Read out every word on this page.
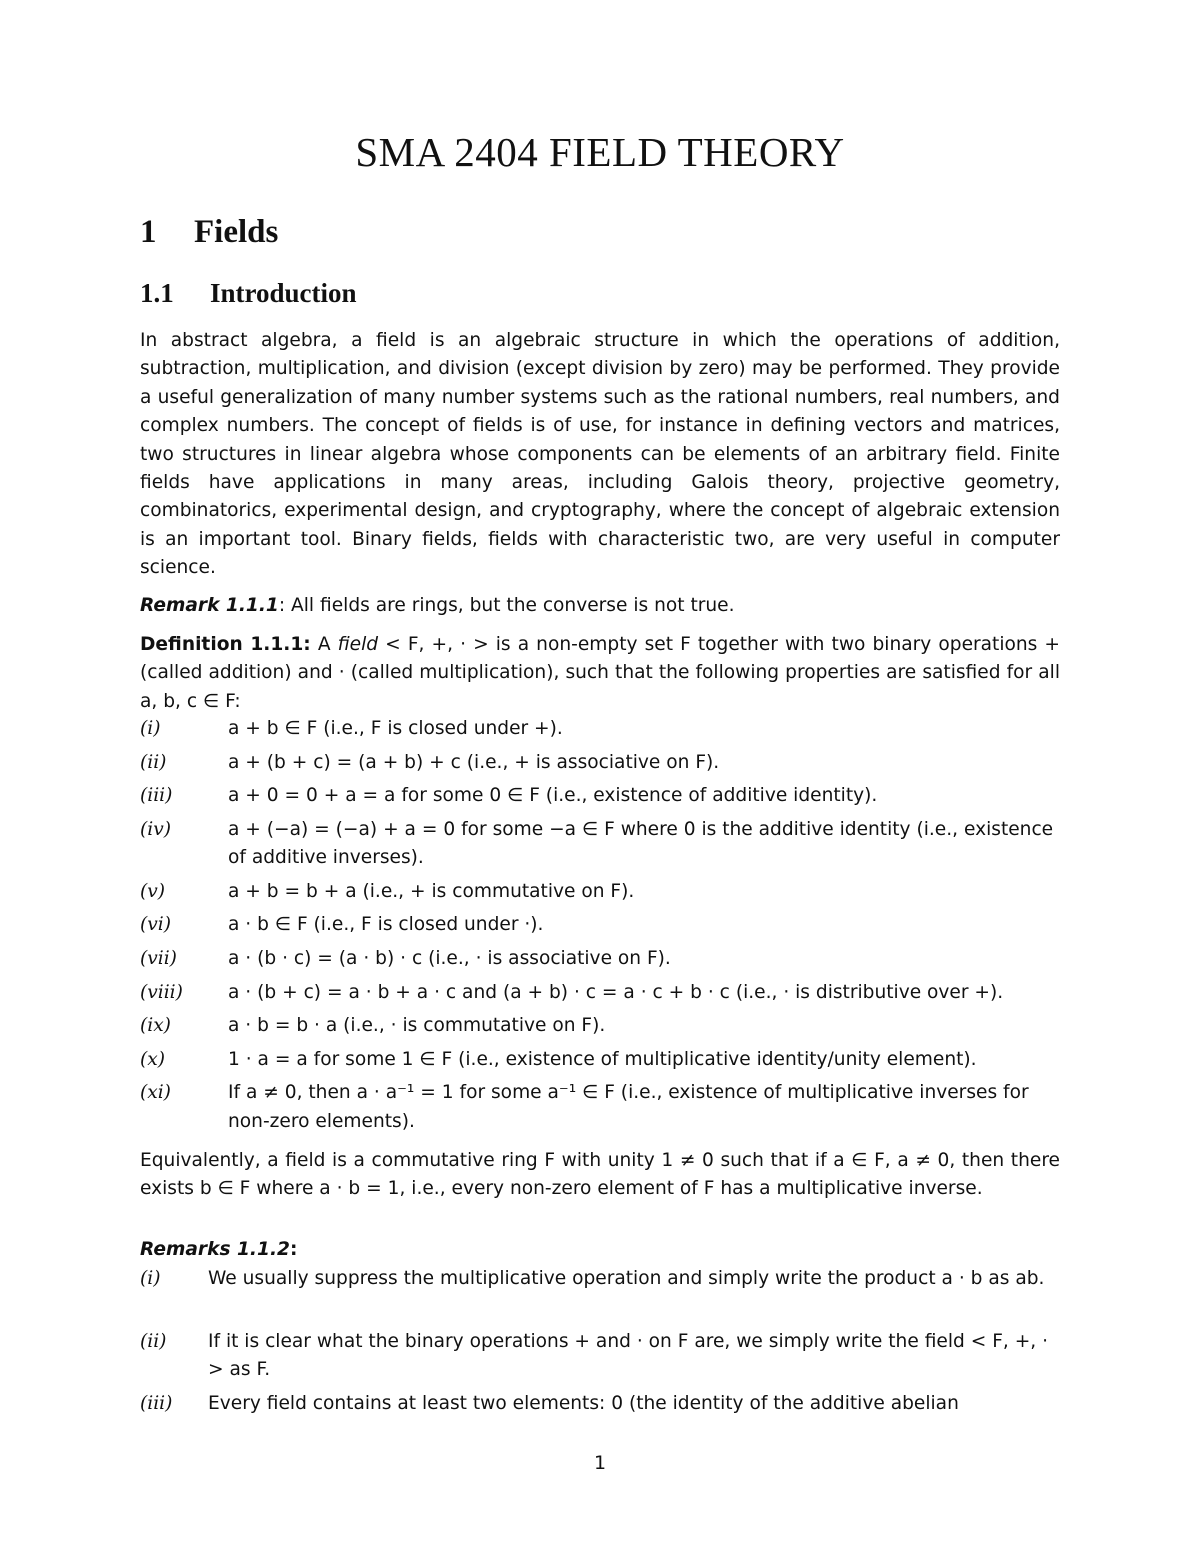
SMA 2404 FIELD THEORY
1 Fields
1.1 Introduction
In abstract algebra, a field is an algebraic structure in which the operations of addition, subtraction, multiplication, and division (except division by zero) may be performed. They provide a useful generalization of many number systems such as the rational numbers, real numbers, and complex numbers. The concept of fields is of use, for instance in defining vectors and matrices, two structures in linear algebra whose components can be elements of an arbitrary field. Finite fields have applications in many areas, including Galois theory, projective geometry, combinatorics, experimental design, and cryptography, where the concept of algebraic extension is an important tool. Binary fields, fields with characteristic two, are very useful in computer science.
Remark 1.1.1: All fields are rings, but the converse is not true.
Definition 1.1.1: A field < F, +, · > is a non-empty set F together with two binary operations + (called addition) and · (called multiplication), such that the following properties are satisfied for all a, b, c ∈ F:
(i)	a + b ∈ F (i.e., F is closed under +).
(ii)	a + (b + c) = (a + b) + c (i.e., + is associative on F).
(iii)	a + 0 = 0 + a = a for some 0 ∈ F (i.e., existence of additive identity).
(iv)	a + (−a) = (−a) + a = 0 for some −a ∈ F where 0 is the additive identity (i.e., existence of additive inverses).
(v)	a + b = b + a (i.e., + is commutative on F).
(vi)	a · b ∈ F (i.e., F is closed under ·).
(vii)	a · (b · c) = (a · b) · c (i.e., · is associative on F).
(viii)	a · (b + c) = a · b + a · c and (a + b) · c = a · c + b · c (i.e., · is distributive over +).
(ix)	a · b = b · a (i.e., · is commutative on F).
(x)	1 · a = a for some 1 ∈ F (i.e., existence of multiplicative identity/unity element).
(xi)	If a ≠ 0, then a · a⁻¹ = 1 for some a⁻¹ ∈ F (i.e., existence of multiplicative inverses for non-zero elements).
Equivalently, a field is a commutative ring F with unity 1 ≠ 0 such that if a ∈ F, a ≠ 0, then there exists b ∈ F where a · b = 1, i.e., every non-zero element of F has a multiplicative inverse.
Remarks 1.1.2:
(i)	We usually suppress the multiplicative operation and simply write the product a · b as ab.
(ii)	If it is clear what the binary operations + and · on F are, we simply write the field < F, +, · > as F.
(iii)	Every field contains at least two elements: 0 (the identity of the additive abelian
1
